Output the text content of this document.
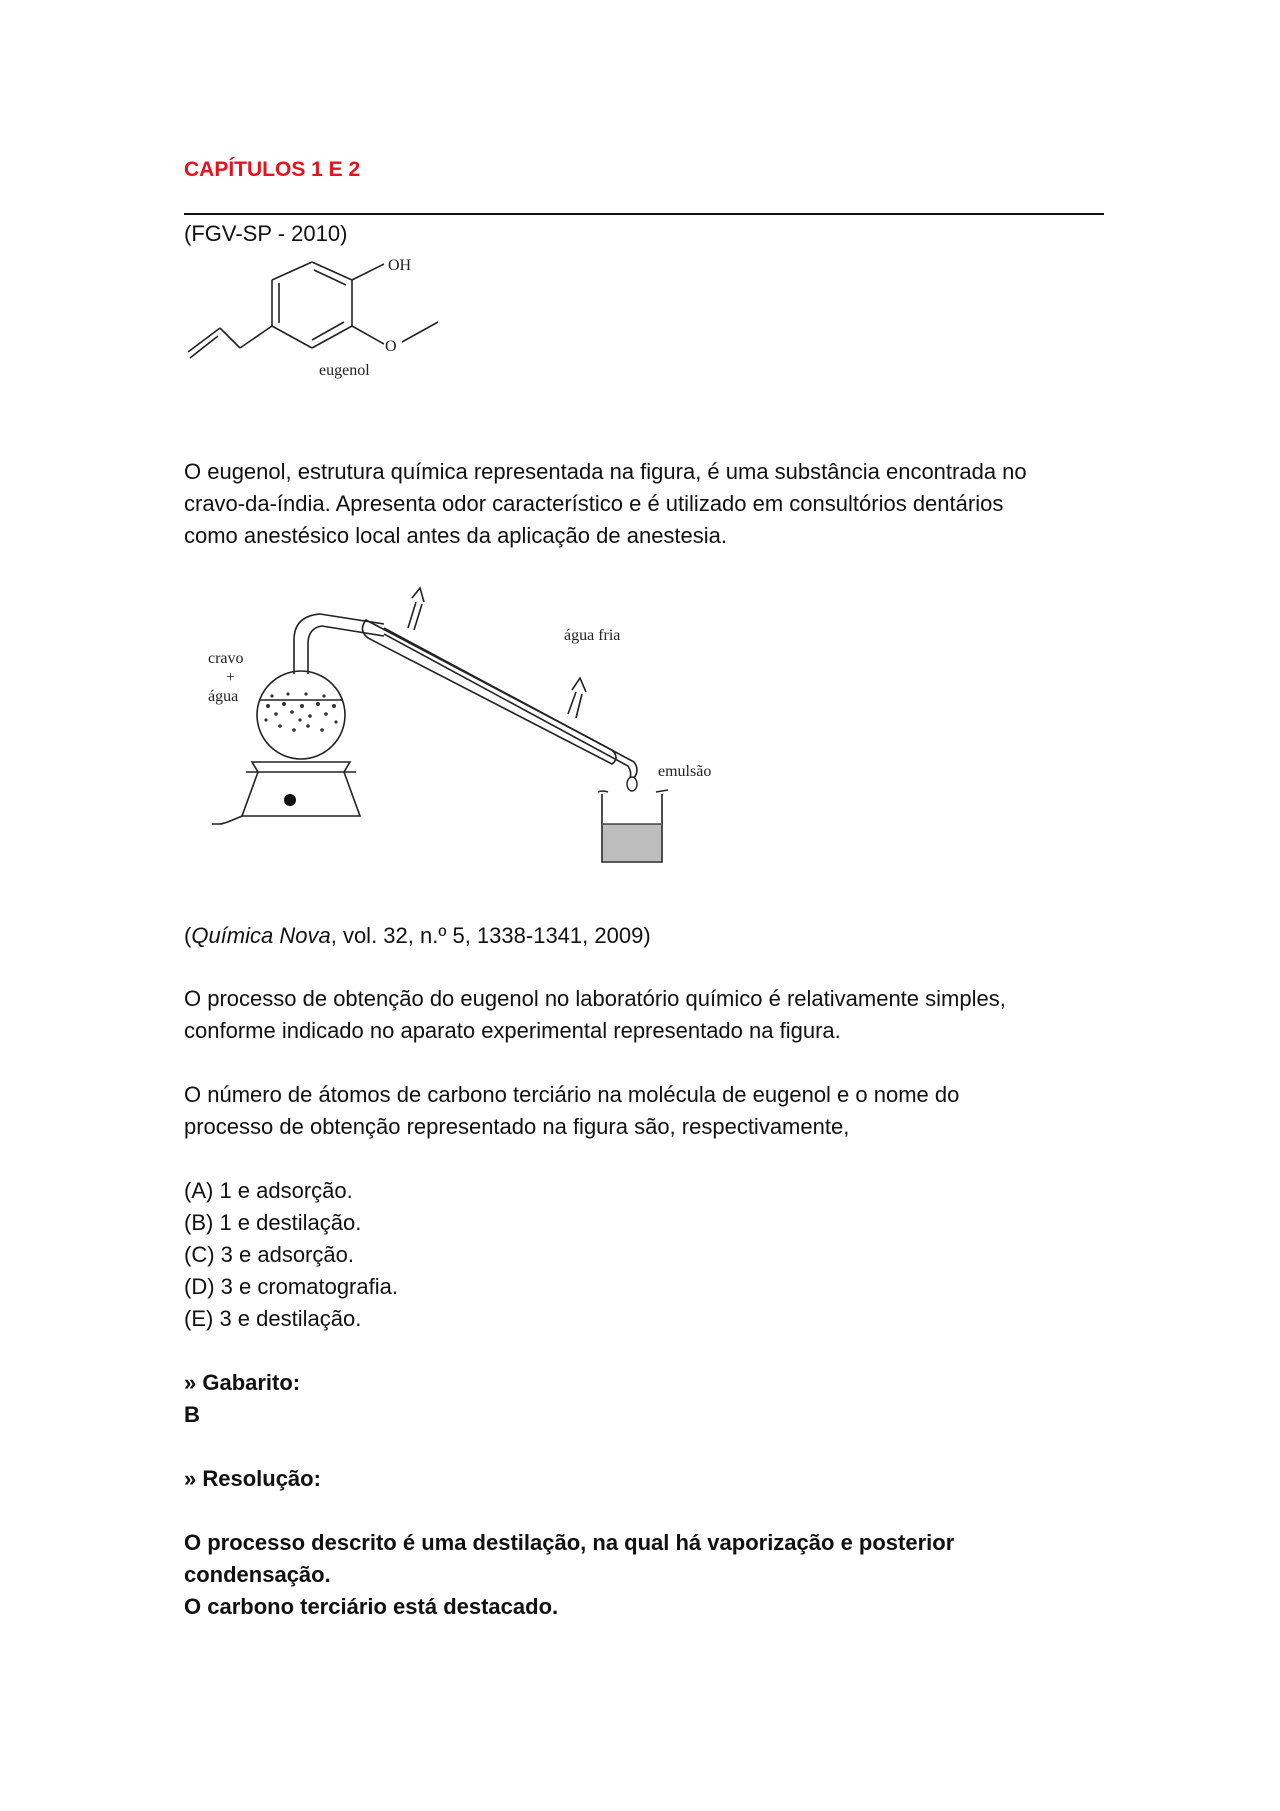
CAPÍTULOS 1 E 2

(FGV-SP - 2010)

OH
O
eugenol

O eugenol, estrutura química representada na figura, é uma substância encontrada no
cravo-da-índia. Apresenta odor característico e é utilizado em consultórios dentários
como anestésico local antes da aplicação de anestesia.

cravo
+
água
água fria
emulsão

(Química Nova, vol. 32, n.º 5, 1338-1341, 2009)

O processo de obtenção do eugenol no laboratório químico é relativamente simples,
conforme indicado no aparato experimental representado na figura.

O número de átomos de carbono terciário na molécula de eugenol e o nome do
processo de obtenção representado na figura são, respectivamente,

(A) 1 e adsorção.
(B) 1 e destilação.
(C) 3 e adsorção.
(D) 3 e cromatografia.
(E) 3 e destilação.
» Gabarito:
B

» Resolução:

O processo descrito é uma destilação, na qual há vaporização e posterior
condensação.
O carbono terciário está destacado.
